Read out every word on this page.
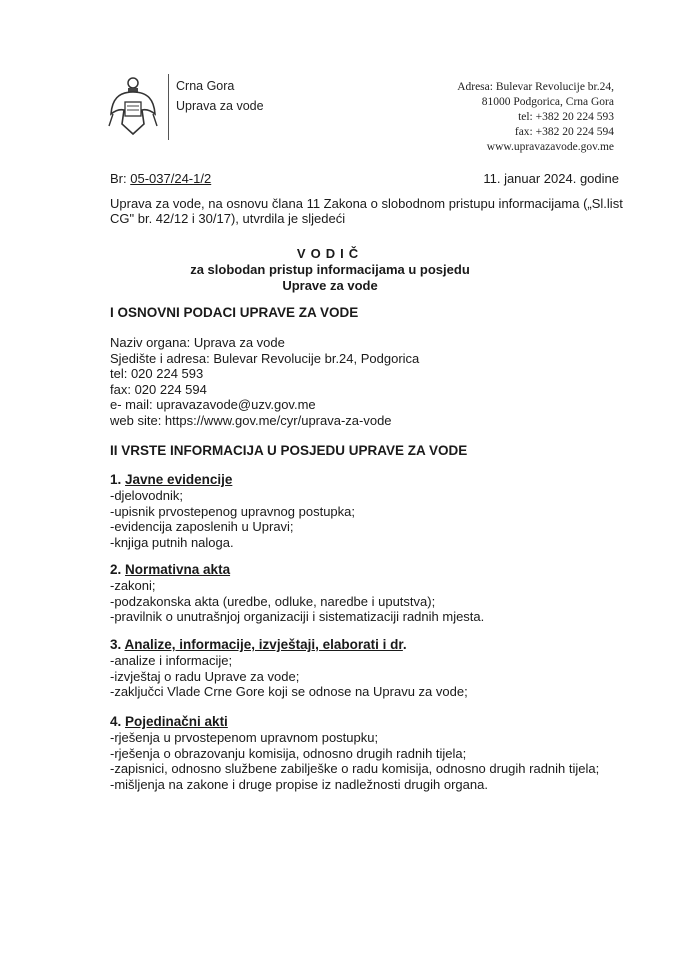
Crna Gora
Uprava za vode
Adresa: Bulevar Revolucije br.24,
81000 Podgorica, Crna Gora
tel: +382 20 224 593
fax: +382 20 224 594
www.upravazavode.gov.me
Br: 05-037/24-1/2	11. januar 2024. godine
Uprava za vode, na osnovu člana 11 Zakona o slobodnom pristupu informacijama („Sl.list CG" br. 42/12 i 30/17), utvrdila je sljedeći
VODIČ
za slobodan pristup informacijama u posjedu
Uprave za vode
I OSNOVNI PODACI UPRAVE ZA VODE
Naziv organa: Uprava za vode
Sjedište i adresa: Bulevar Revolucije br.24, Podgorica
tel: 020 224 593
fax: 020 224 594
e- mail: upravazavode@uzv.gov.me
web site: https://www.gov.me/cyr/uprava-za-vode
II VRSTE INFORMACIJA U POSJEDU UPRAVE ZA VODE
1. Javne evidencije
-djelovodnik;
-upisnik prvostepenog upravnog postupka;
-evidencija zaposlenih u Upravi;
-knjiga putnih naloga.
2. Normativna akta
-zakoni;
-podzakonska akta (uredbe, odluke, naredbe i uputstva);
-pravilnik o unutrašnjoj organizaciji i sistematizaciji radnih mjesta.
3. Analize, informacije, izvještaji, elaborati i dr.
-analize i informacije;
-izvještaj o radu Uprave za vode;
-zaključci Vlade Crne Gore koji se odnose na Upravu za vode;
4. Pojedinačni akti
-rješenja u prvostepenom upravnom postupku;
-rješenja o obrazovanju komisija, odnosno drugih radnih tijela;
-zapisnici, odnosno službene zabilješke o radu komisija, odnosno drugih radnih tijela;
-mišljenja na zakone i druge propise iz nadležnosti drugih organa.
